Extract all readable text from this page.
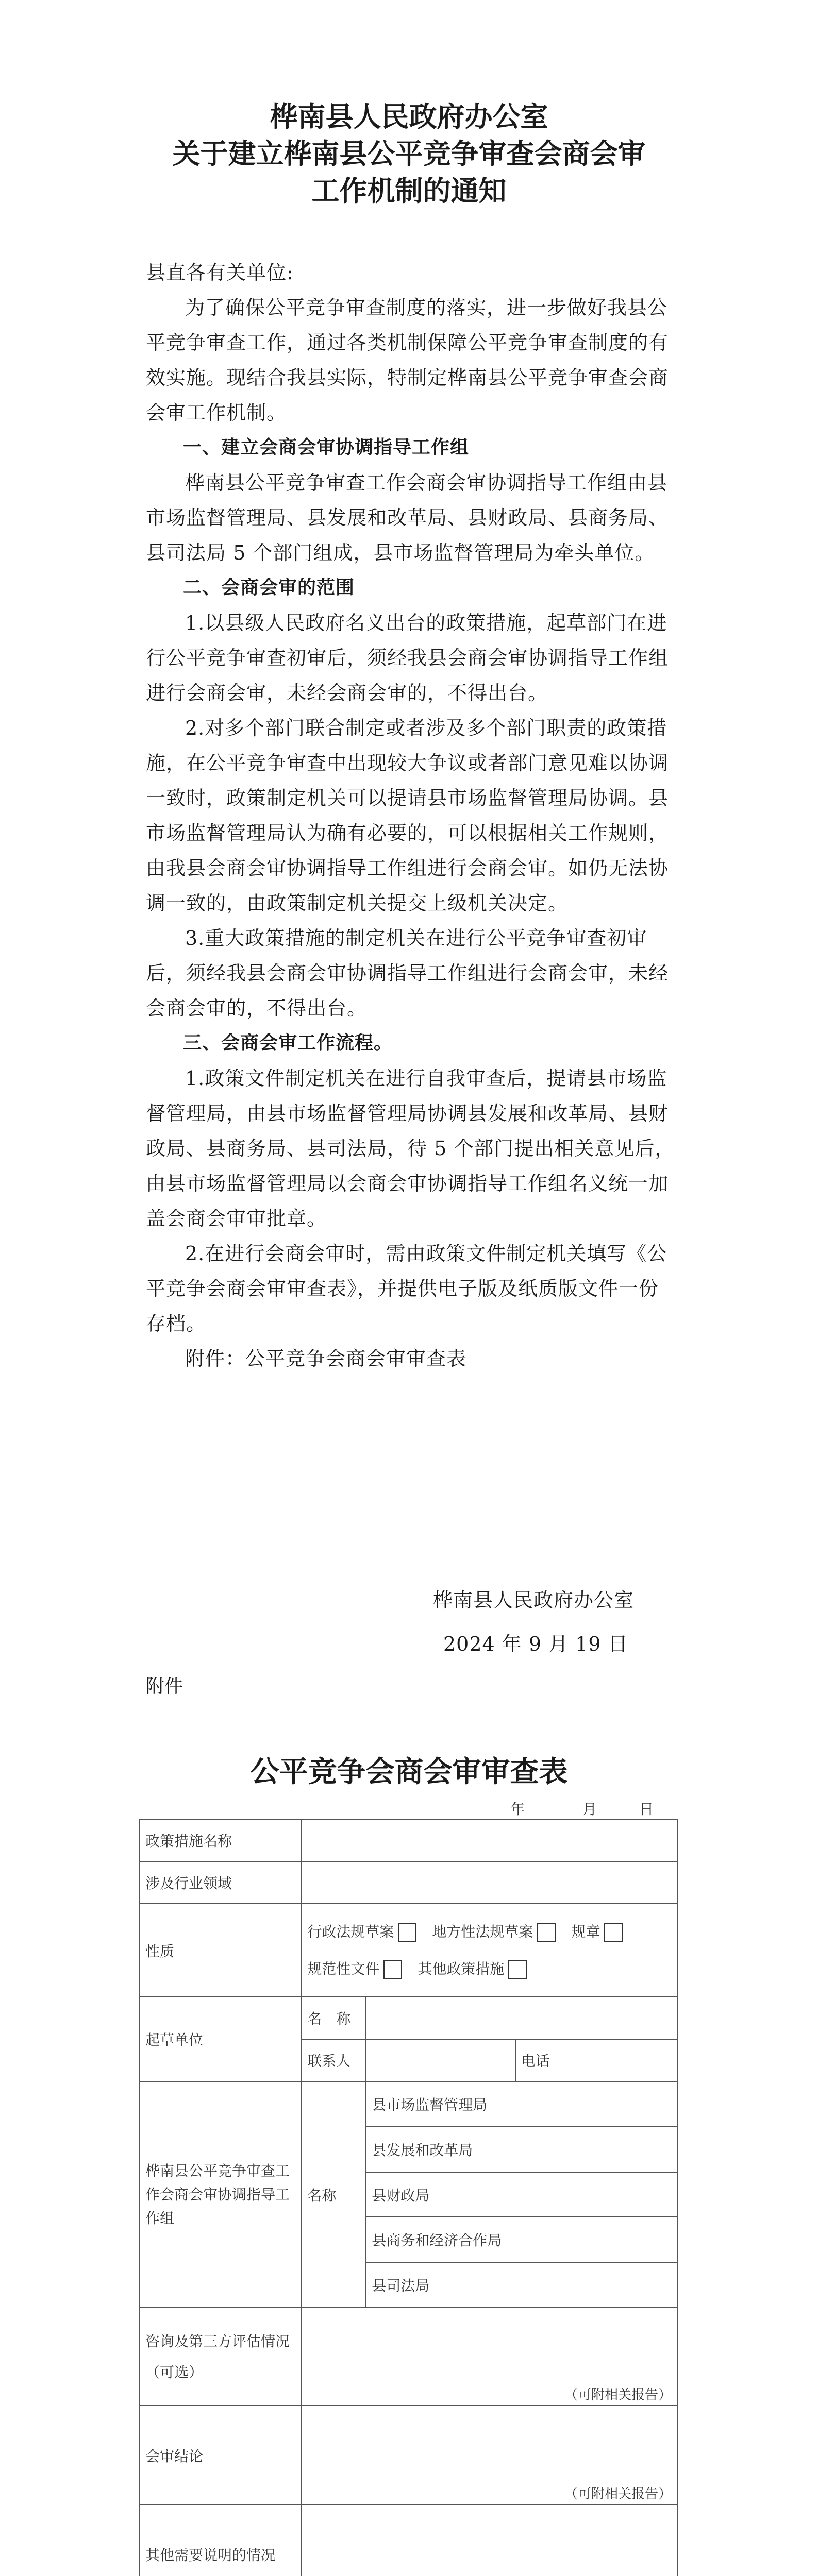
桦南县人民政府办公室
关于建立桦南县公平竞争审查会商会审
工作机制的通知

县直各有关单位:

为了确保公平竞争审查制度的落实，进一步做好我县公平竞争审查工作，通过各类机制保障公平竞争审查制度的有效实施。现结合我县实际，特制定桦南县公平竞争审查会商会审工作机制。

一、建立会商会审协调指导工作组

桦南县公平竞争审查工作会商会审协调指导工作组由县市场监督管理局、县发展和改革局、县财政局、县商务局、县司法局 5 个部门组成，县市场监督管理局为牵头单位。

二、会商会审的范围

1.以县级人民政府名义出台的政策措施，起草部门在进行公平竞争审查初审后，须经我县会商会审协调指导工作组进行会商会审，未经会商会审的，不得出台。

2.对多个部门联合制定或者涉及多个部门职责的政策措施，在公平竞争审查中出现较大争议或者部门意见难以协调一致时，政策制定机关可以提请县市场监督管理局协调。县市场监督管理局认为确有必要的，可以根据相关工作规则，由我县会商会审协调指导工作组进行会商会审。如仍无法协调一致的，由政策制定机关提交上级机关决定。

3.重大政策措施的制定机关在进行公平竞争审查初审后，须经我县会商会审协调指导工作组进行会商会审，未经会商会审的，不得出台。

三、会商会审工作流程。

1.政策文件制定机关在进行自我审查后，提请县市场监督管理局，由县市场监督管理局协调县发展和改革局、县财政局、县商务局、县司法局，待 5 个部门提出相关意见后，由县市场监督管理局以会商会审协调指导工作组名义统一加盖会商会审审批章。

2.在进行会商会审时，需由政策文件制定机关填写《公平竞争会商会审审查表》，并提供电子版及纸质版文件一份存档。

附件：公平竞争会商会审审查表

桦南县人民政府办公室
2024 年 9 月 19 日
附件
公平竞争会商会审审查表
年	月	日
政策措施名称			
涉及行业领域			
性质	行政法规草案 地方性法规草案 规章
规范性文件 其他政策措施		
起草单位	名　称		
	联系人		电话
桦南县公平竞争审查工作会商会审协调指导工作组	名称	县市场监督管理局	
		县发展和改革局	
		县财政局	
		县商务和经济合作局	
		县司法局	
咨询及第三方评估情况（可选）	（可附相关报告）		

会审结论	（可附相关报告）		

其他需要说明的情况			
